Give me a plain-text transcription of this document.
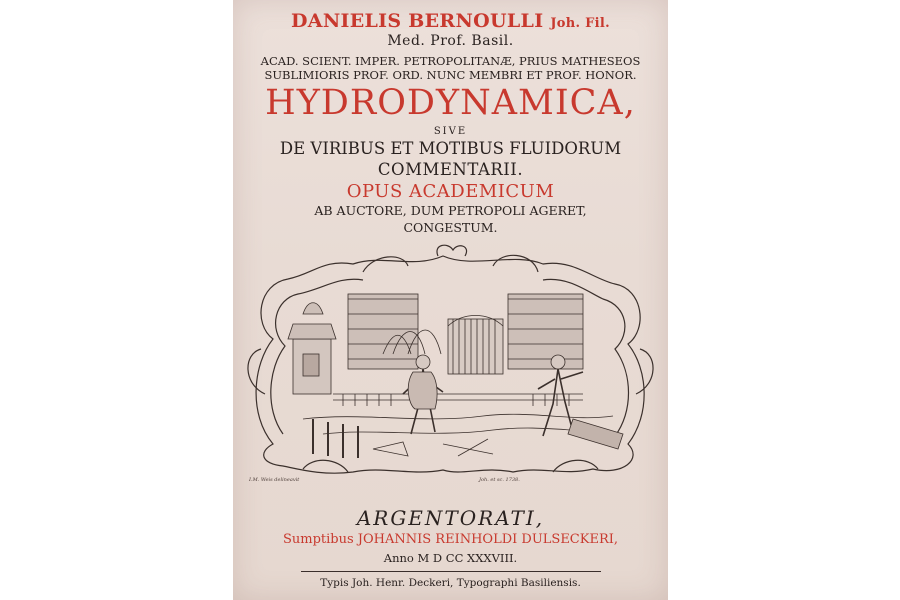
DANIELIS BERNOULLI Joh. Fil.
Med. Prof. Basil.
ACAD. SCIENT. IMPER. PETROPOLITANÆ, PRIUS MATHESEOS
SUBLIMIORIS PROF. ORD. NUNC MEMBRI ET PROF. HONOR.
HYDRODYNAMICA,
SIVE
DE VIRIBUS ET MOTIBUS FLUIDORUM
COMMENTARII.
OPUS ACADEMICUM
AB AUCTORE, DUM PETROPOLI AGERET,
CONGESTUM.
I.M. Weis delineavit	Joh. et sc. 1738.
ARGENTORATI,
Sumptibus JOHANNIS REINHOLDI DULSECKERI,
Anno M D CC XXXVIII.
Typis Joh. Henr. Deckeri, Typographi Basiliensis.
